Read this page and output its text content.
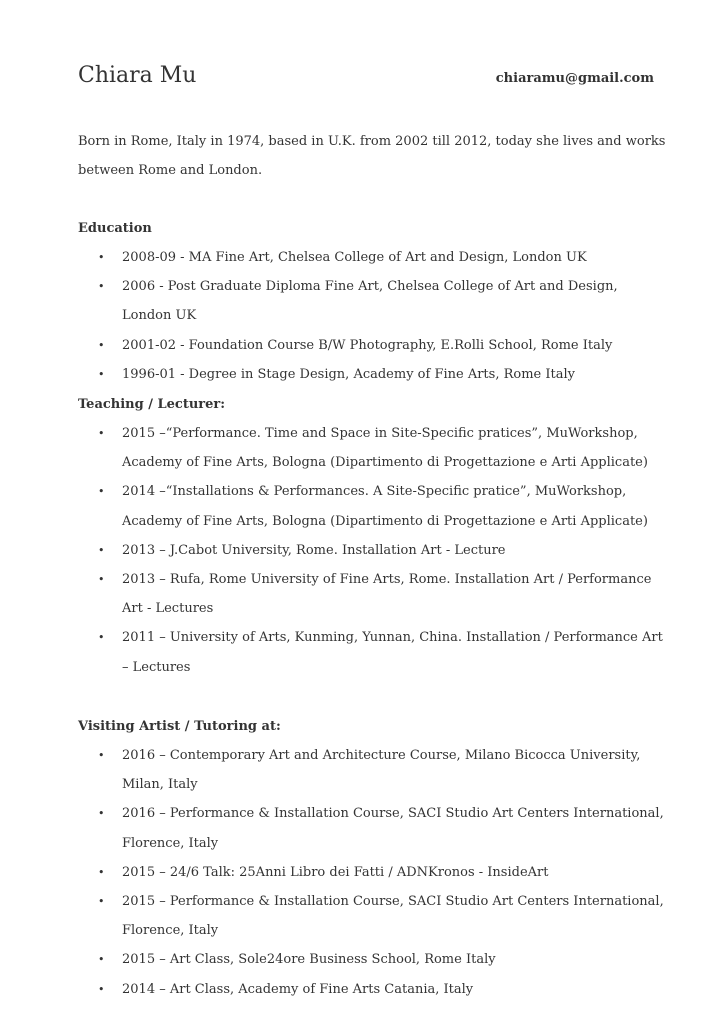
Chiara Mu	chiaramu@gmail.com
Born in Rome, Italy in 1974, based in U.K. from 2002 till 2012, today she lives and works between Rome and London.
Education
• 2008-09 - MA Fine Art, Chelsea College of Art and Design, London UK
• 2006 - Post Graduate Diploma Fine Art, Chelsea College of Art and Design, London UK
• 2001-02 - Foundation Course B/W Photography, E.Rolli School, Rome Italy
• 1996-01 - Degree in Stage Design, Academy of Fine Arts, Rome Italy
Teaching / Lecturer:
• 2015 –“Performance. Time and Space in Site-Specific pratices”, MuWorkshop, Academy of Fine Arts, Bologna (Dipartimento di Progettazione e Arti Applicate)
• 2014 –“Installations & Performances. A Site-Specific pratice”, MuWorkshop, Academy of Fine Arts, Bologna (Dipartimento di Progettazione e Arti Applicate)
• 2013 – J.Cabot University, Rome. Installation Art - Lecture
• 2013 – Rufa, Rome University of Fine Arts, Rome. Installation Art / Performance Art - Lectures
• 2011 – University of Arts, Kunming, Yunnan, China. Installation / Performance Art – Lectures
Visiting Artist / Tutoring at:
• 2016 – Contemporary Art and Architecture Course, Milano Bicocca University, Milan, Italy
• 2016 – Performance & Installation Course, SACI Studio Art Centers International, Florence, Italy
• 2015 – 24/6 Talk: 25Anni Libro dei Fatti / ADNKronos - InsideArt
• 2015 – Performance & Installation Course, SACI Studio Art Centers International, Florence, Italy
• 2015 – Art Class, Sole24ore Business School, Rome Italy
• 2014 – Art Class, Academy of Fine Arts Catania, Italy
